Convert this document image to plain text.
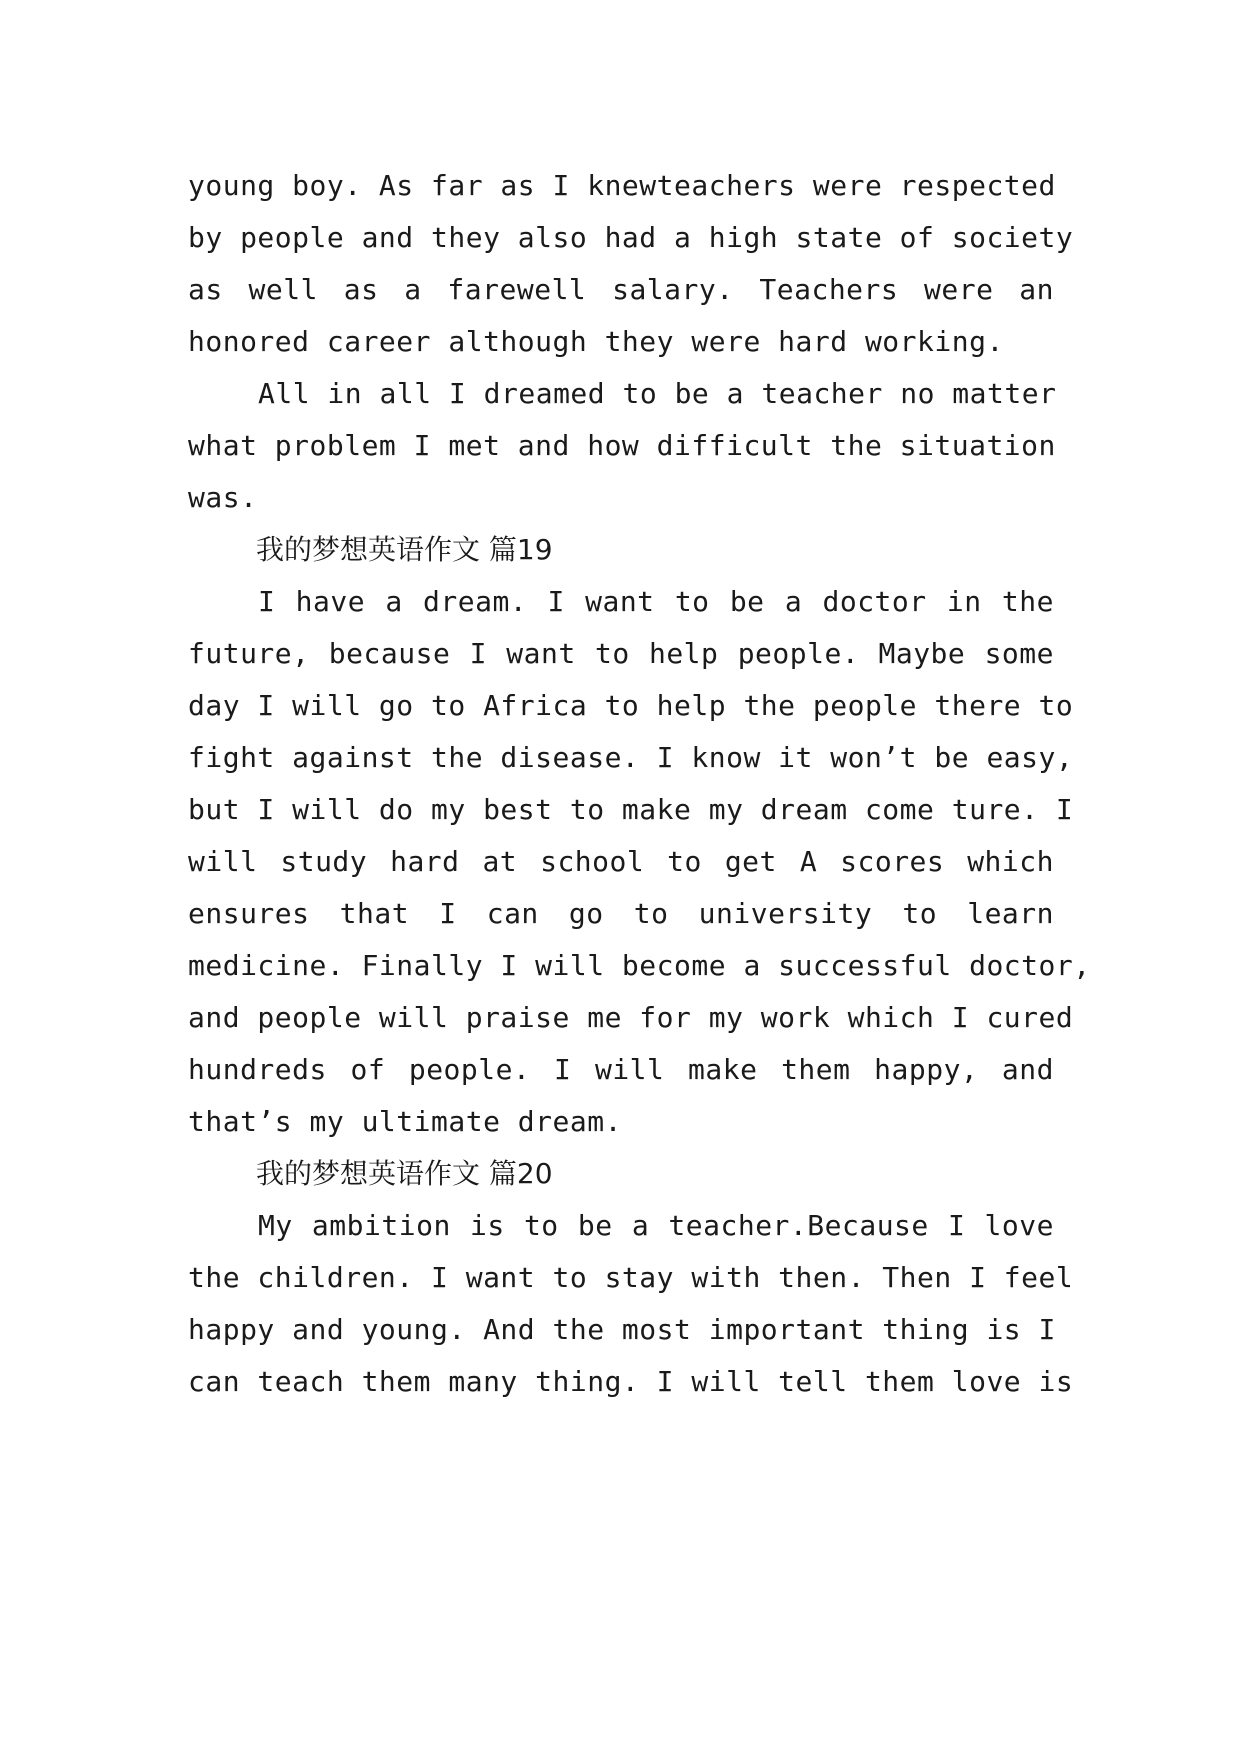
young boy. As far as I knewteachers were respected
by people and they also had a high state of society
as well as a farewell salary. Teachers were an
honored career although they were hard working.
All in all I dreamed to be a teacher no matter
what problem I met and how difficult the situation
was.
我的梦想英语作文 篇19
I have a dream. I want to be a doctor in the
future, because I want to help people. Maybe some
day I will go to Africa to help the people there to
fight against the disease. I know it won’t be easy,
but I will do my best to make my dream come ture. I
will study hard at school to get A scores which
ensures that I can go to university to learn
medicine. Finally I will become a successful doctor,
and people will praise me for my work which I cured
hundreds of people. I will make them happy, and
that’s my ultimate dream.
我的梦想英语作文 篇20
My ambition is to be a teacher.Because I love
the children. I want to stay with then. Then I feel
happy and young. And the most important thing is I
can teach them many thing. I will tell them love is
